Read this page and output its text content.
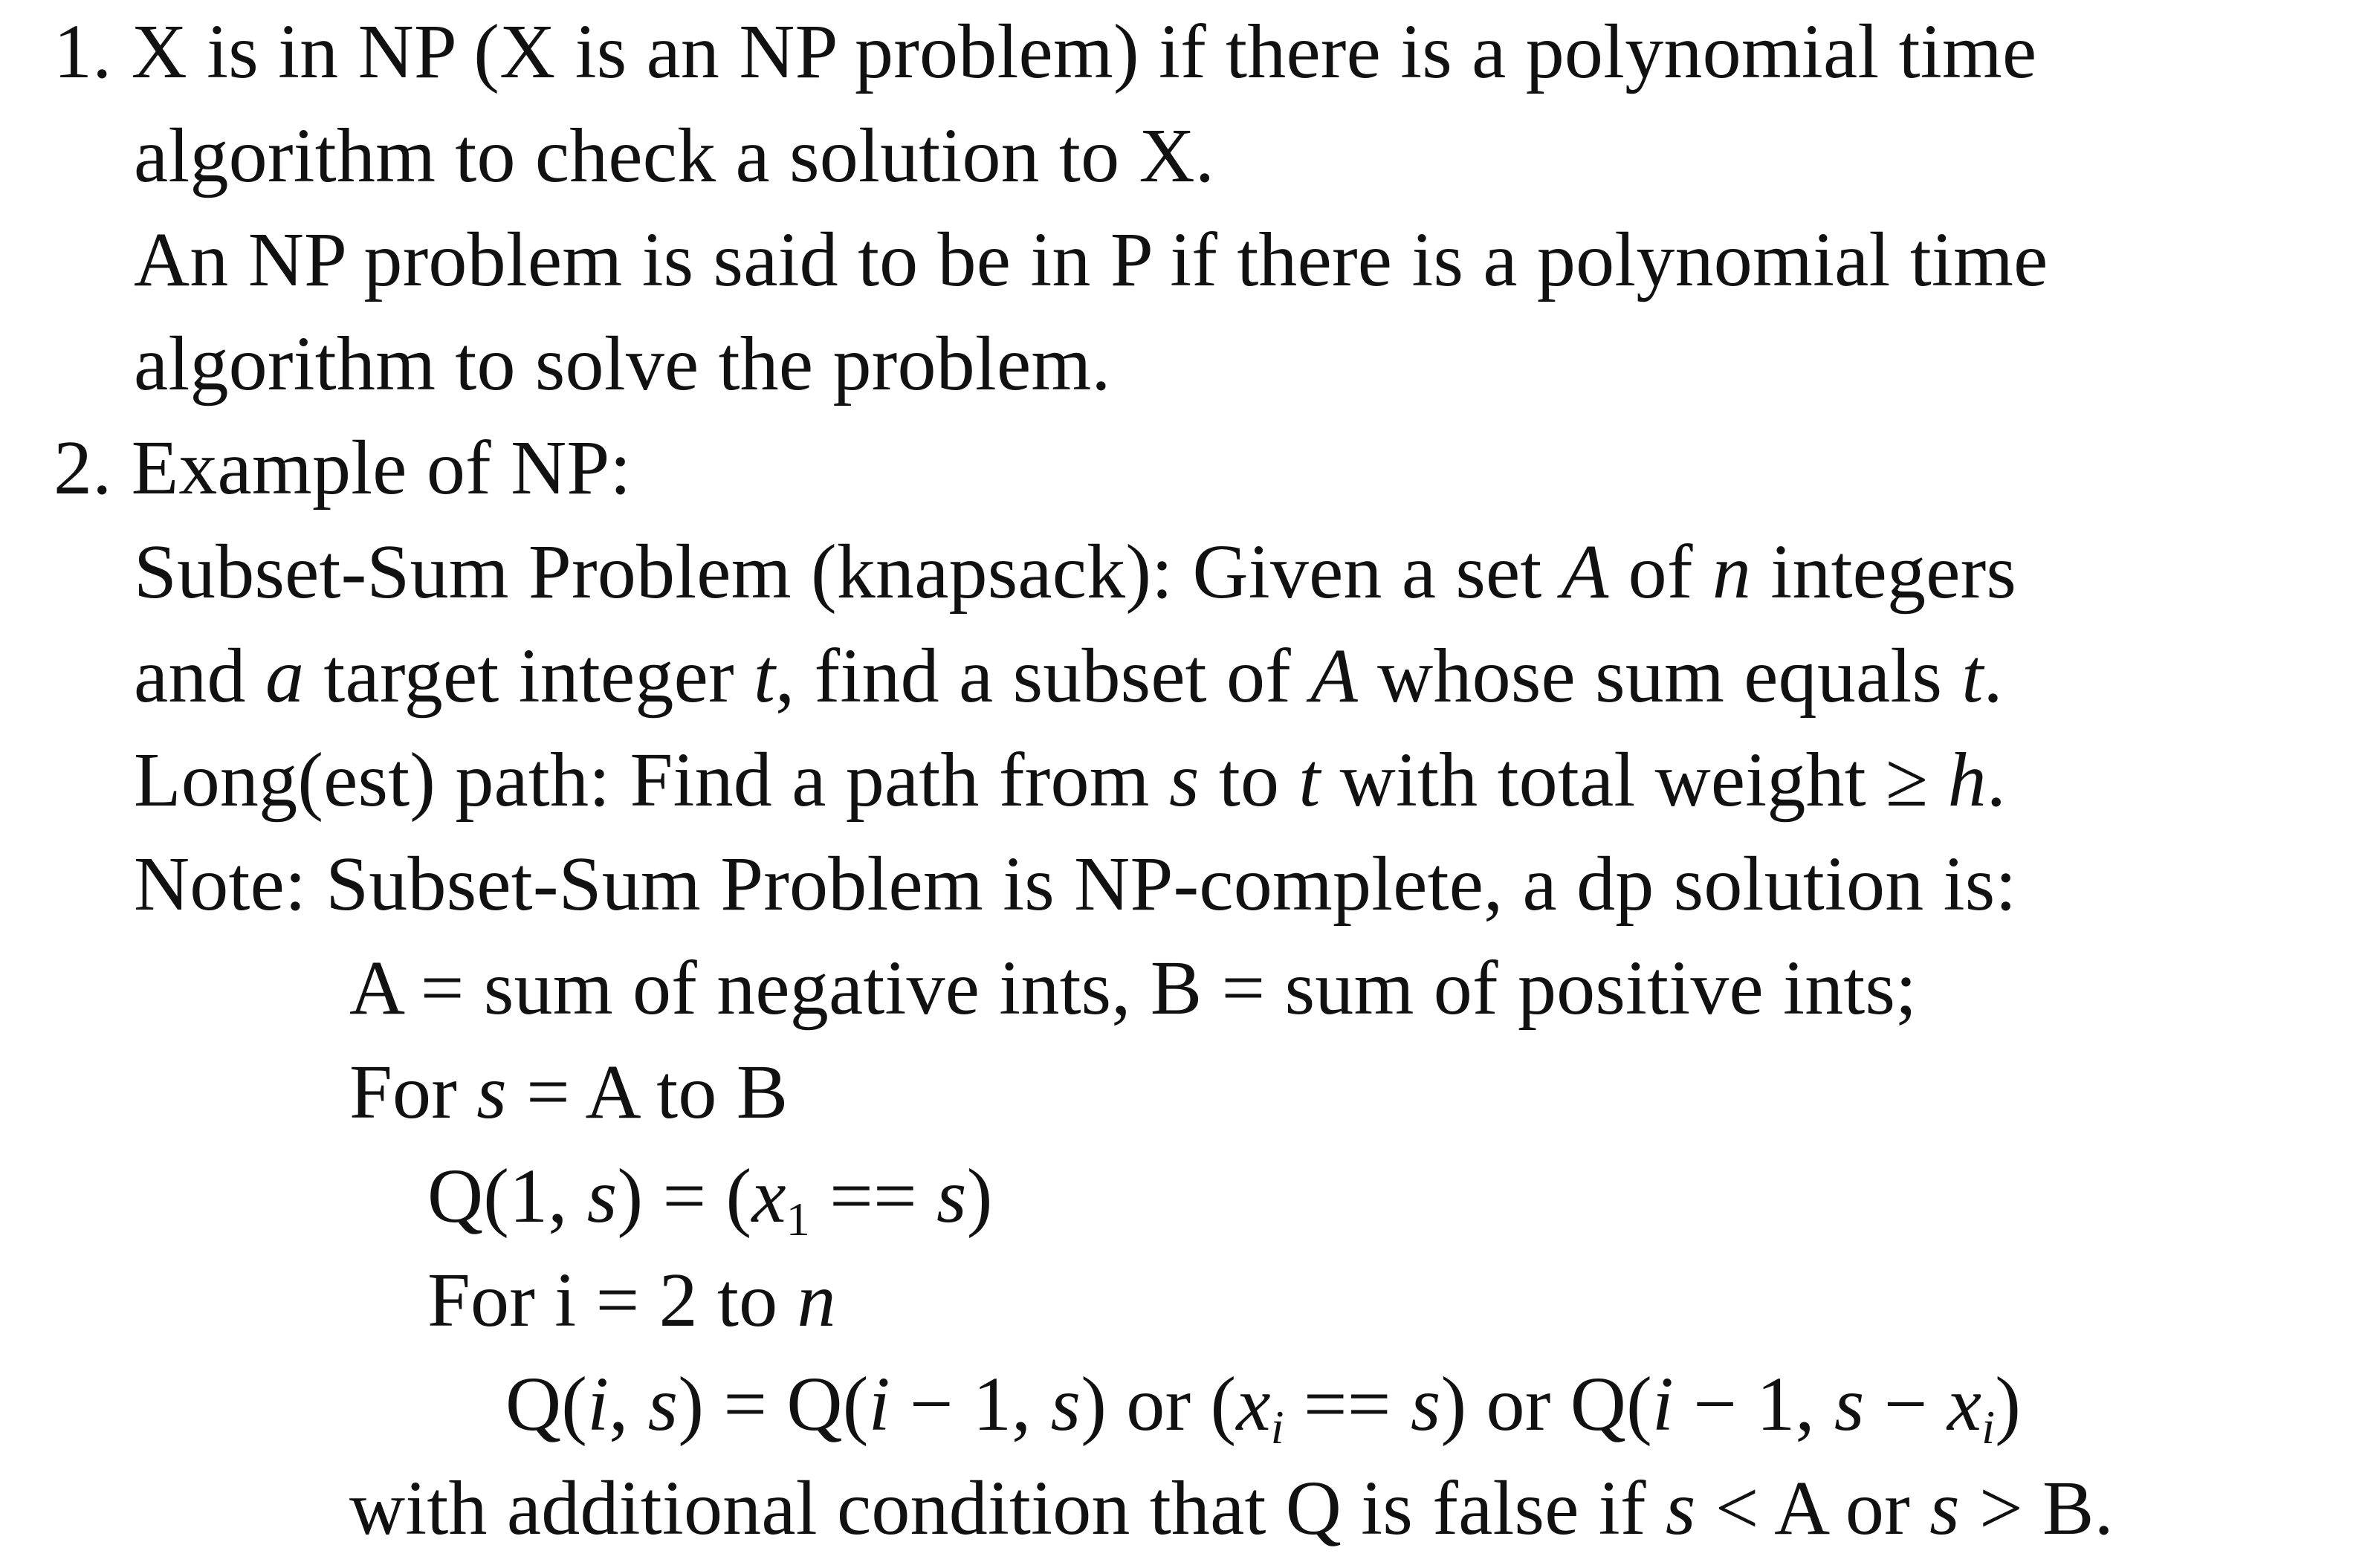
1. X is in NP (X is an NP problem) if there is a polynomial time
algorithm to check a solution to X.
An NP problem is said to be in P if there is a polynomial time
algorithm to solve the problem.
2. Example of NP:
Subset-Sum Problem (knapsack): Given a set A of n integers
and a target integer t, find a subset of A whose sum equals t.
Long(est) path: Find a path from s to t with total weight ≥ h.
Note: Subset-Sum Problem is NP-complete, a dp solution is:
A = sum of negative ints, B = sum of positive ints;
For s = A to B
Q(1, $s) = (x_1 == s)$
For i = 2 to n
Q(i, s) = Q(i − 1, s) or $(x_i == s)$ or Q(i − 1, $s - x_i$)
with additional condition that Q is false if s < A or s > B.
